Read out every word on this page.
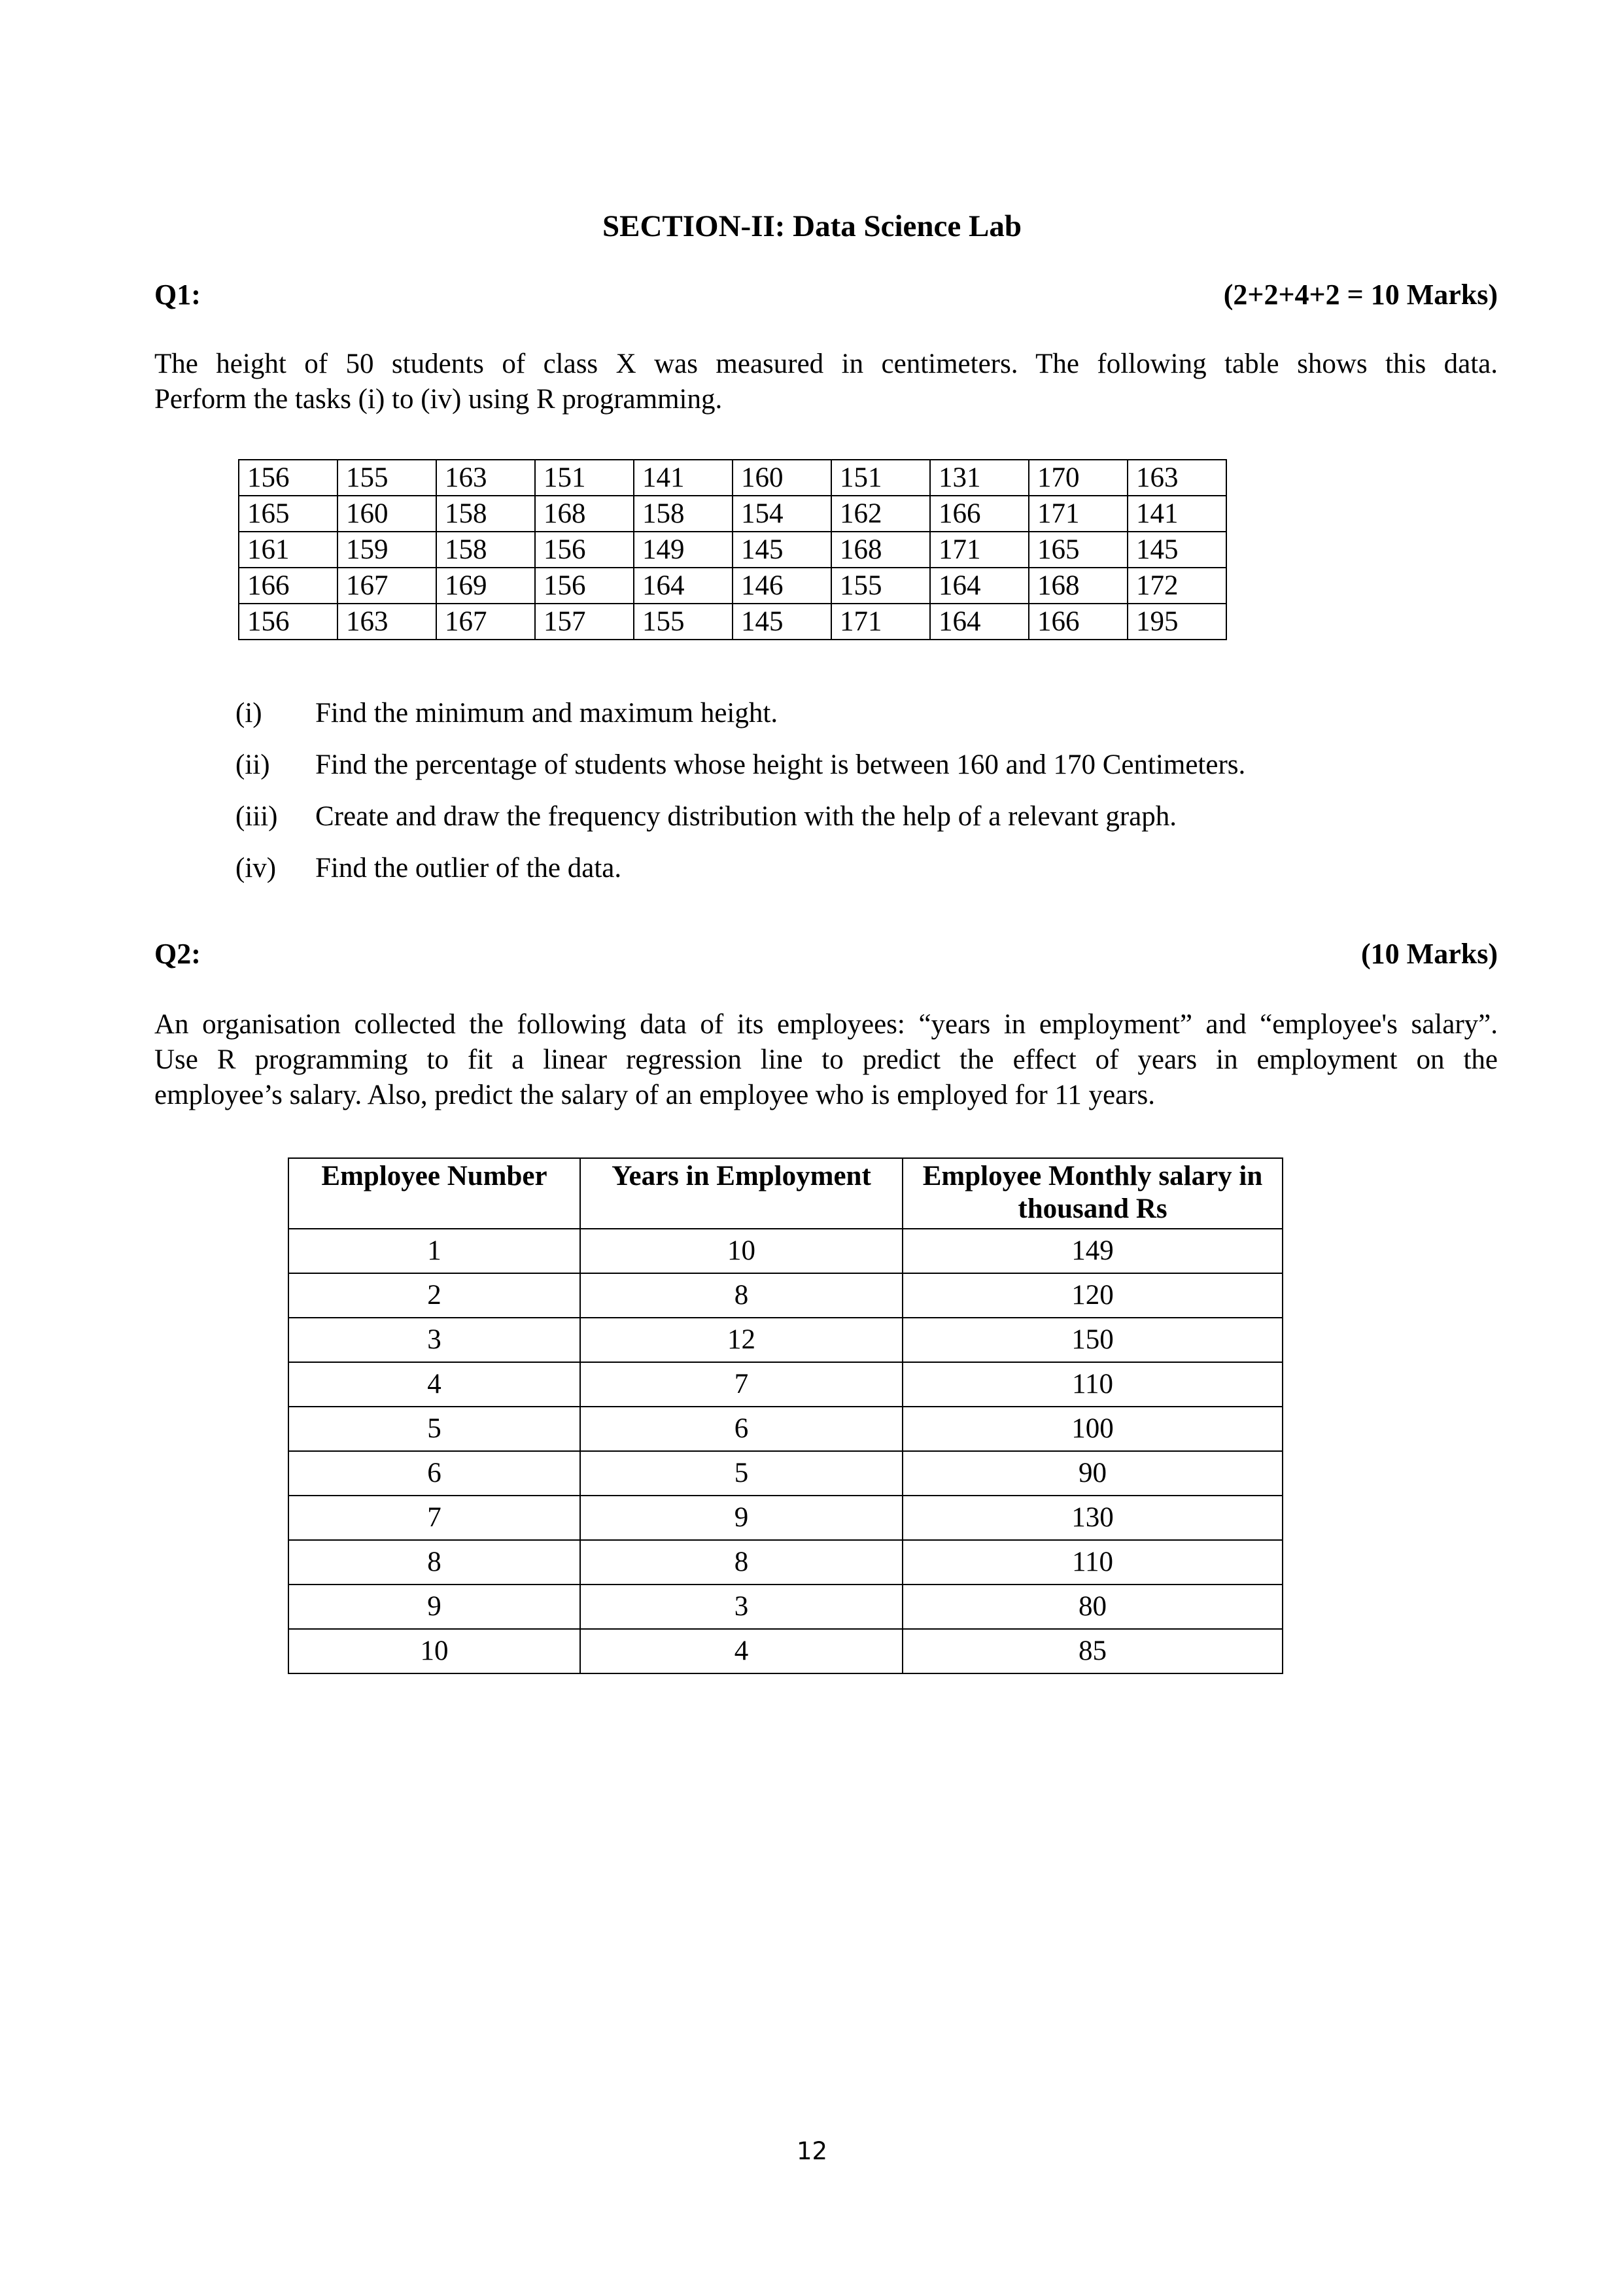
SECTION-II: Data Science Lab
Q1:	(2+2+4+2 = 10 Marks)
The height of 50 students of class X was measured in centimeters. The following table shows this data.
Perform the tasks (i) to (iv) using R programming.
156	155	163	151	141	160	151	131	170	163
165	160	158	168	158	154	162	166	171	141
161	159	158	156	149	145	168	171	165	145
166	167	169	156	164	146	155	164	168	172
156	163	167	157	155	145	171	164	166	195
(i) Find the minimum and maximum height.
(ii) Find the percentage of students whose height is between 160 and 170 Centimeters.
(iii) Create and draw the frequency distribution with the help of a relevant graph.
(iv) Find the outlier of the data.
Q2:	(10 Marks)
An organisation collected the following data of its employees: “years in employment” and “employee's salary”.
Use R programming to fit a linear regression line to predict the effect of years in employment on the
employee’s salary. Also, predict the salary of an employee who is employed for 11 years.
Employee Number	Years in Employment	Employee Monthly salary in thousand Rs
1	10	149
2	8	120
3	12	150
4	7	110
5	6	100
6	5	90
7	9	130
8	8	110
9	3	80
10	4	85
12
